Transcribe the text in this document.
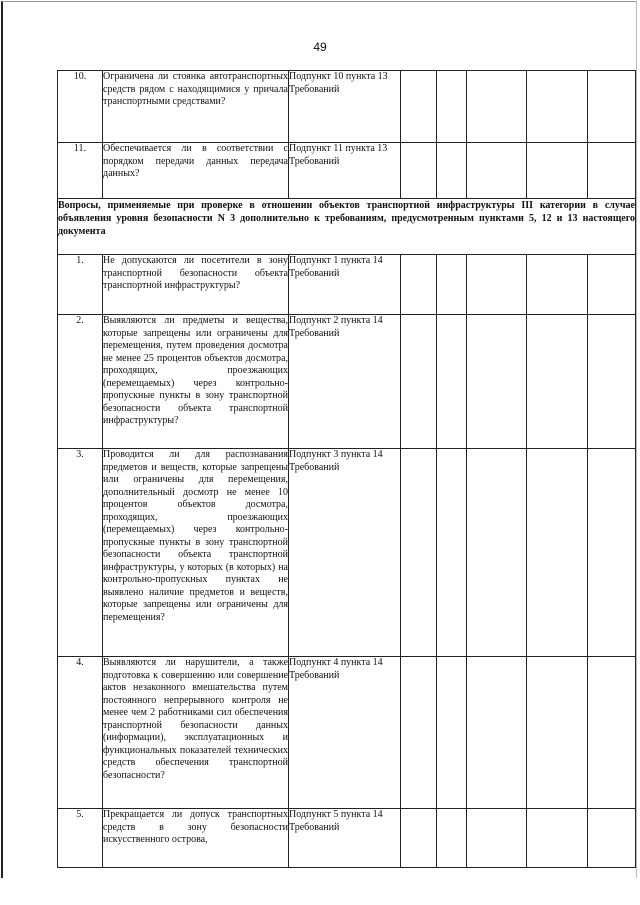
49
10.	Ограничена ли стоянка автотранспортных средств рядом с находящимися у причала транспортными средствами?	Подпункт 10 пункта 13 Требований					
11.	Обеспечивается ли в соответствии с порядком передачи данных передача данных?	Подпункт 11 пункта 13 Требований					
Вопросы, применяемые при проверке в отношении объектов транспортной инфраструктуры III категории в случае объявления уровня безопасности N 3 дополнительно к требованиям, предусмотренным пунктами 5, 12 и 13 настоящего документа							
1.	Не допускаются ли посетители в зону транспортной безопасности объекта транспортной инфраструктуры?	Подпункт 1 пункта 14 Требований					
2.	Выявляются ли предметы и вещества, которые запрещены или ограничены для перемещения, путем проведения досмотра не менее 25 процентов объектов досмотра, проходящих, проезжающих (перемещаемых) через контрольно-пропускные пункты в зону транспортной безопасности объекта транспортной инфраструктуры?	Подпункт 2 пункта 14 Требований					
3.	Проводится ли для распознавания предметов и веществ, которые запрещены или ограничены для перемещения, дополнительный досмотр не менее 10 процентов объектов досмотра, проходящих, проезжающих (перемещаемых) через контрольно-пропускные пункты в зону транспортной безопасности объекта транспортной инфраструктуры, у которых (в которых) на контрольно-пропускных пунктах не выявлено наличие предметов и веществ, которые запрещены или ограничены для перемещения?	Подпункт 3 пункта 14 Требований					
4.	Выявляются ли нарушители, а также подготовка к совершению или совершение актов незаконного вмешательства путем постоянного непрерывного контроля не менее чем 2 работниками сил обеспечения транспортной безопасности данных (информации), эксплуатационных и функциональных показателей технических средств обеспечения транспортной безопасности?	Подпункт 4 пункта 14 Требований					
5.	Прекращается ли допуск транспортных средств в зону безопасности искусственного острова,	Подпункт 5 пункта 14 Требований					
